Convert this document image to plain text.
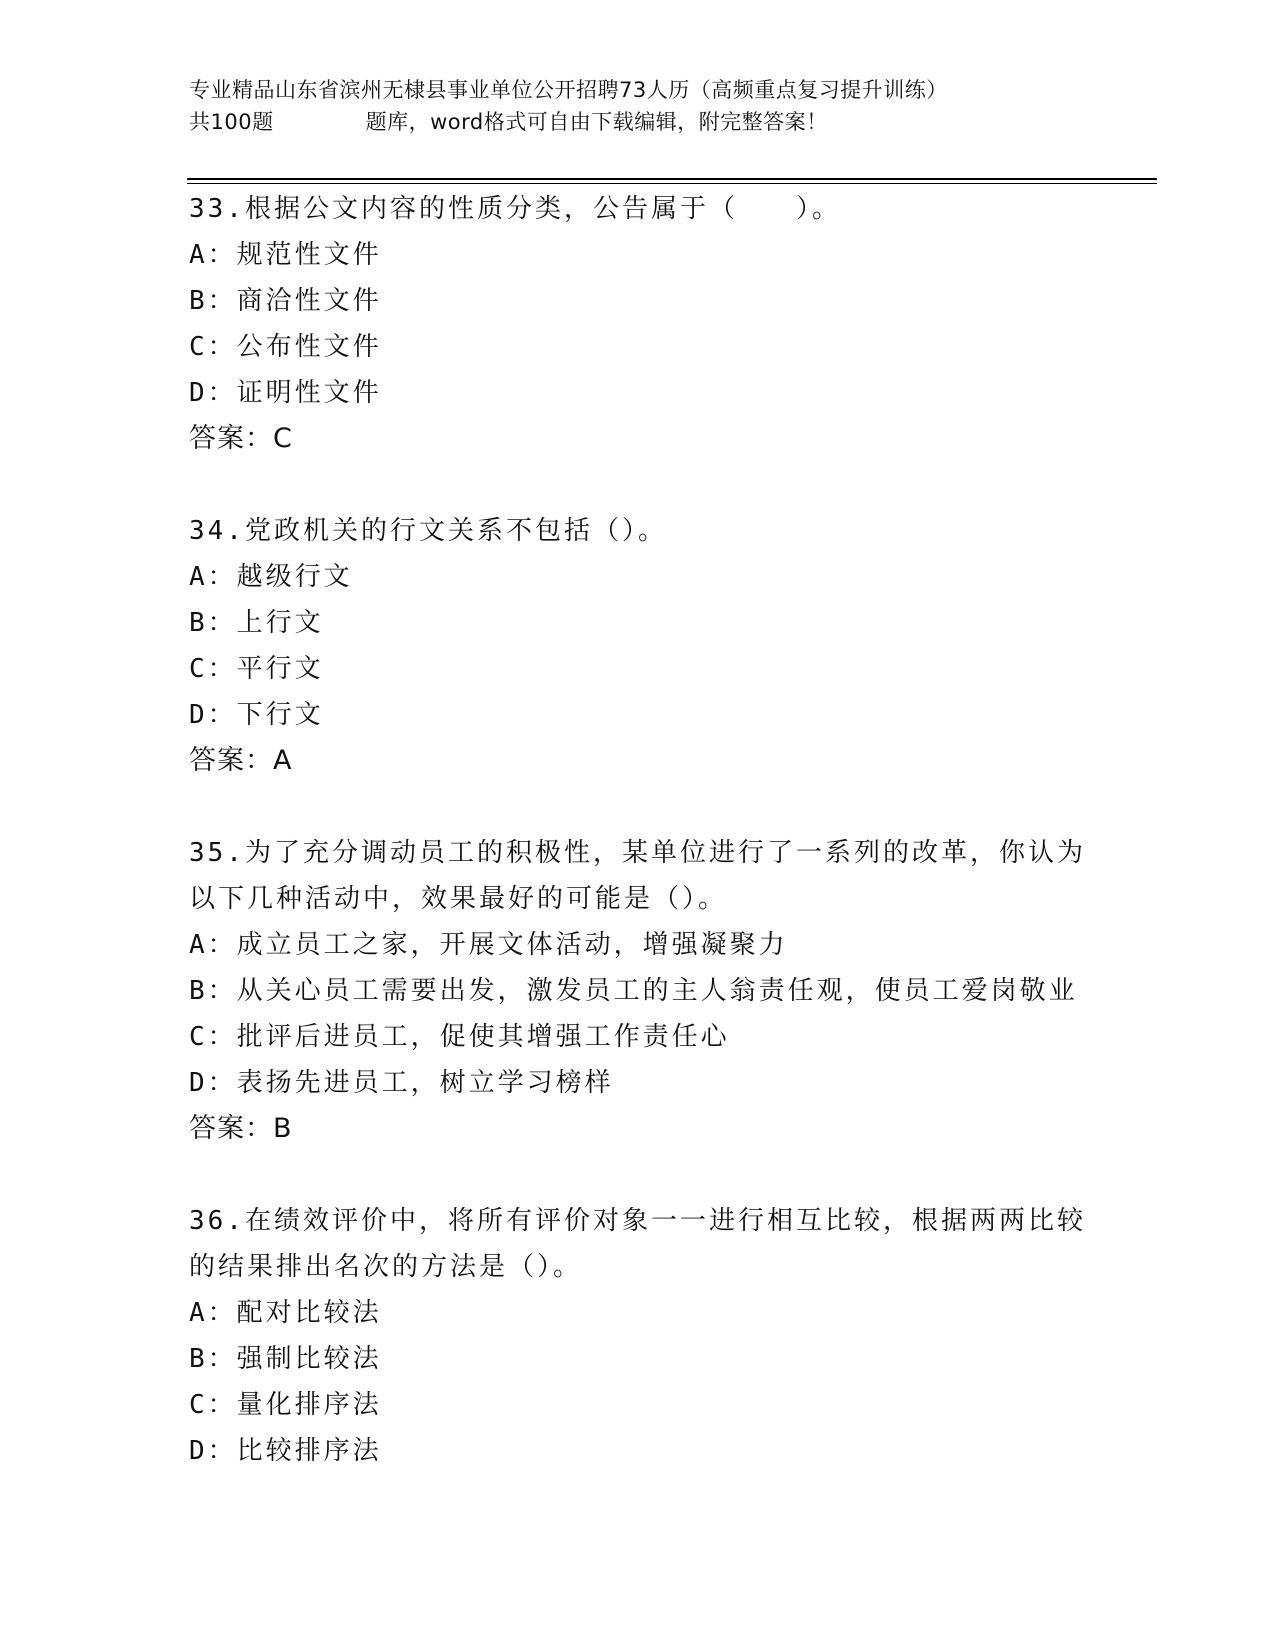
专业精品山东省滨州无棣县事业单位公开招聘73人历（高频重点复习提升训练）
共100题	题库，word格式可自由下载编辑，附完整答案！
33.根据公文内容的性质分类，公告属于（　　）。
A：规范性文件
B：商洽性文件
C：公布性文件
D：证明性文件
答案：C
34.党政机关的行文关系不包括（）。
A：越级行文
B：上行文
C：平行文
D：下行文
答案：A
35.为了充分调动员工的积极性，某单位进行了一系列的改革，你认为
以下几种活动中，效果最好的可能是（）。
A：成立员工之家，开展文体活动，增强凝聚力
B：从关心员工需要出发，激发员工的主人翁责任观，使员工爱岗敬业
C：批评后进员工，促使其增强工作责任心
D：表扬先进员工，树立学习榜样
答案：B
36.在绩效评价中，将所有评价对象一一进行相互比较，根据两两比较
的结果排出名次的方法是（）。
A：配对比较法
B：强制比较法
C：量化排序法
D：比较排序法
